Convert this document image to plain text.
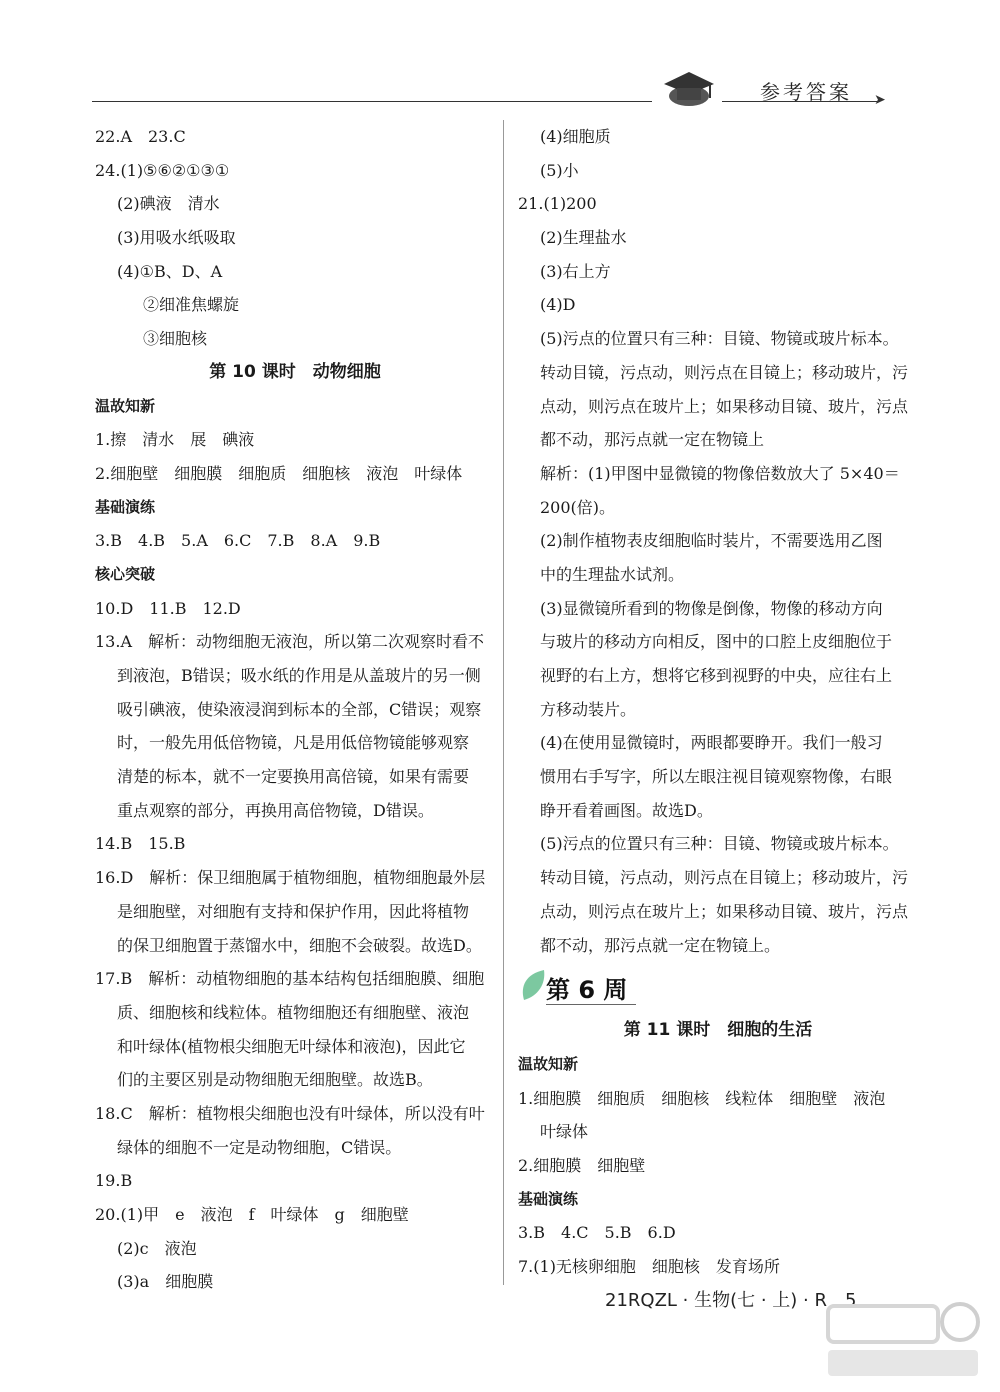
参考答案 ➤
22.A　23.C
24.(1)⑤⑥②①③①
(2)碘液　清水
(3)用吸水纸吸取
(4)①B、D、A
②细准焦螺旋
③细胞核
第 10 课时　动物细胞
温故知新
1.擦　清水　展　碘液
2.细胞壁　细胞膜　细胞质　细胞核　液泡　叶绿体
基础演练
3.B　4.B　5.A　6.C　7.B　8.A　9.B
核心突破
10.D　11.B　12.D
13.A　解析：动物细胞无液泡，所以第二次观察时看不
到液泡，B错误；吸水纸的作用是从盖玻片的另一侧
吸引碘液，使染液浸润到标本的全部，C错误；观察
时，一般先用低倍物镜，凡是用低倍物镜能够观察
清楚的标本，就不一定要换用高倍镜，如果有需要
重点观察的部分，再换用高倍物镜，D错误。
14.B　15.B
16.D　解析：保卫细胞属于植物细胞，植物细胞最外层
是细胞壁，对细胞有支持和保护作用，因此将植物
的保卫细胞置于蒸馏水中，细胞不会破裂。故选D。
17.B　解析：动植物细胞的基本结构包括细胞膜、细胞
质、细胞核和线粒体。植物细胞还有细胞壁、液泡
和叶绿体(植物根尖细胞无叶绿体和液泡)，因此它
们的主要区别是动物细胞无细胞壁。故选B。
18.C　解析：植物根尖细胞也没有叶绿体，所以没有叶
绿体的细胞不一定是动物细胞，C错误。
19.B
20.(1)甲　e　液泡　f　叶绿体　g　细胞壁
(2)c　液泡
(3)a　细胞膜
(4)细胞质
(5)小
21.(1)200
(2)生理盐水
(3)右上方
(4)D
(5)污点的位置只有三种：目镜、物镜或玻片标本。
转动目镜，污点动，则污点在目镜上；移动玻片，污
点动，则污点在玻片上；如果移动目镜、玻片，污点
都不动，那污点就一定在物镜上
解析：(1)甲图中显微镜的物像倍数放大了 5×40＝
200(倍)。
(2)制作植物表皮细胞临时装片，不需要选用乙图
中的生理盐水试剂。
(3)显微镜所看到的物像是倒像，物像的移动方向
与玻片的移动方向相反，图中的口腔上皮细胞位于
视野的右上方，想将它移到视野的中央，应往右上
方移动装片。
(4)在使用显微镜时，两眼都要睁开。我们一般习
惯用右手写字，所以左眼注视目镜观察物像，右眼
睁开看着画图。故选D。
(5)污点的位置只有三种：目镜、物镜或玻片标本。
转动目镜，污点动，则污点在目镜上；移动玻片，污
点动，则污点在玻片上；如果移动目镜、玻片，污点
都不动，那污点就一定在物镜上。
第 6 周
第 11 课时　细胞的生活
温故知新
1.细胞膜　细胞质　细胞核　线粒体　细胞壁　液泡
叶绿体
2.细胞膜　细胞壁
基础演练
3.B　4.C　5.B　6.D
7.(1)无核卵细胞　细胞核　发育场所
21RQZL · 生物(七 · 上) · R　5
